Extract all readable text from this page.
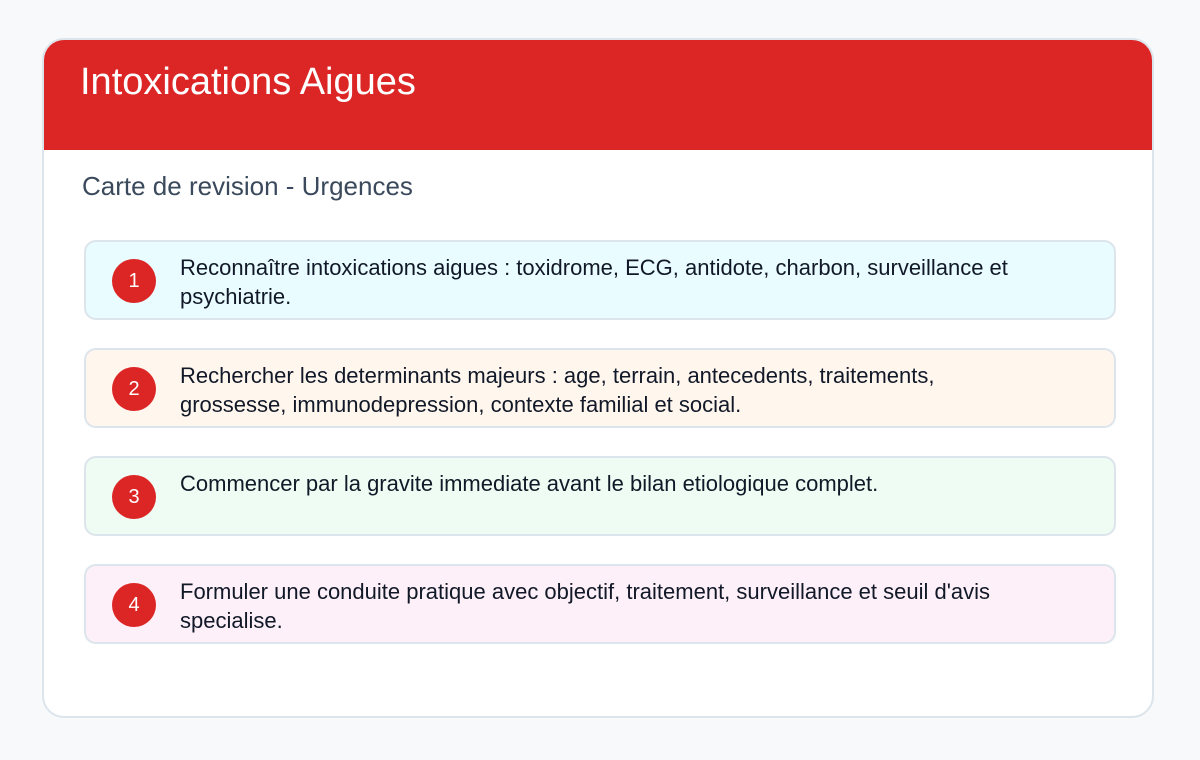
Intoxications Aigues

Carte de revision - Urgences

1

Reconnaître intoxications aigues : toxidrome, ECG, antidote, charbon, surveillance et psychiatrie.

2

Rechercher les determinants majeurs : age, terrain, antecedents, traitements, grossesse, immunodepression, contexte familial et social.

3

Commencer par la gravite immediate avant le bilan etiologique complet.

4

Formuler une conduite pratique avec objectif, traitement, surveillance et seuil d'avis specialise.
